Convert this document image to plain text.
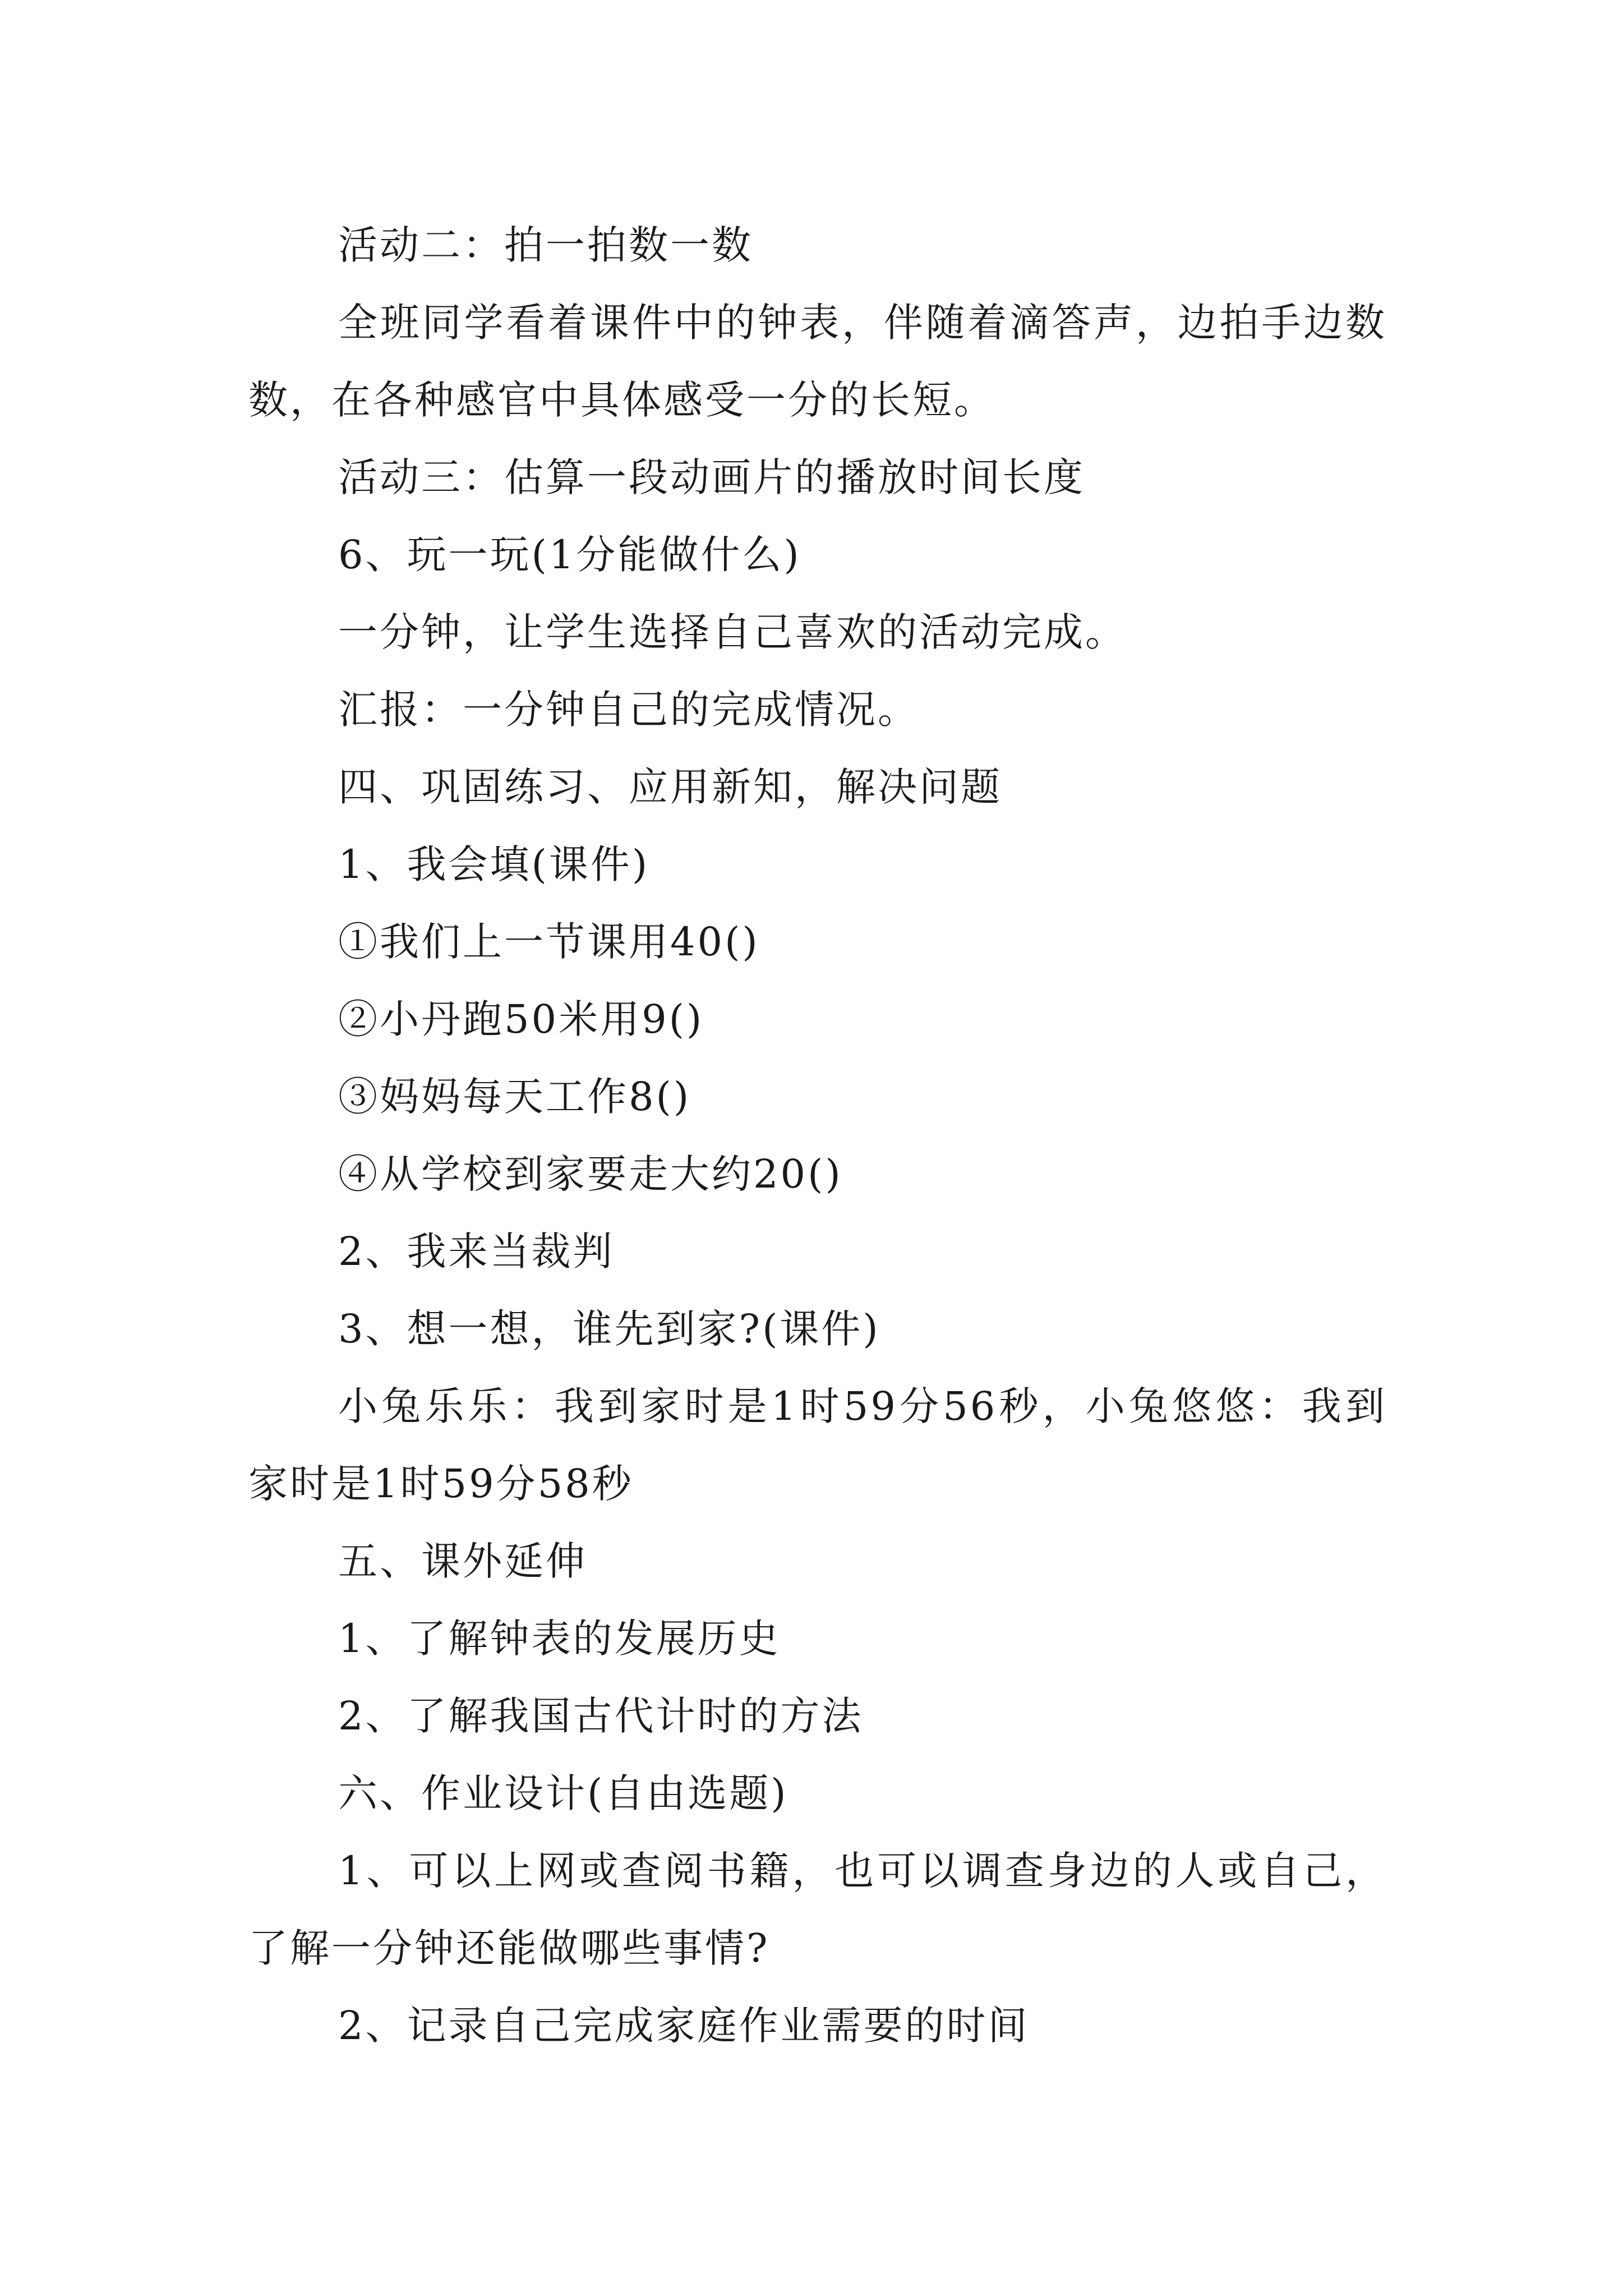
活动二：拍一拍数一数

全班同学看着课件中的钟表，伴随着滴答声，边拍手边数数，在各种感官中具体感受一分的长短。

活动三：估算一段动画片的播放时间长度

6、玩一玩(1分能做什么)

一分钟，让学生选择自己喜欢的活动完成。

汇报：一分钟自己的完成情况。

四、巩固练习、应用新知，解决问题

1、我会填(课件)

①我们上一节课用40()

②小丹跑50米用9()

③妈妈每天工作8()

④从学校到家要走大约20()

2、我来当裁判

3、想一想，谁先到家?(课件)

小兔乐乐：我到家时是1时59分56秒，小兔悠悠：我到家时是1时59分58秒

五、课外延伸

1、了解钟表的发展历史

2、了解我国古代计时的方法

六、作业设计(自由选题)

1、可以上网或查阅书籍，也可以调查身边的人或自己，了解一分钟还能做哪些事情?

2、记录自己完成家庭作业需要的时间
